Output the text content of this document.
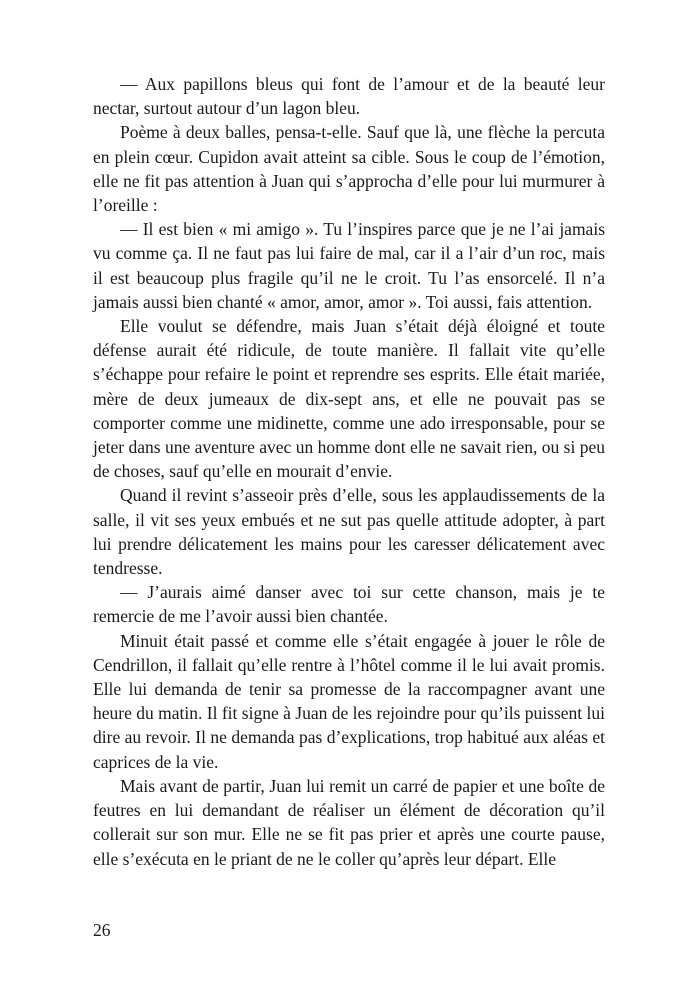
— Aux papillons bleus qui font de l’amour et de la beauté leur nectar, surtout autour d’un lagon bleu.

Poème à deux balles, pensa-t-elle. Sauf que là, une flèche la percuta en plein cœur. Cupidon avait atteint sa cible. Sous le coup de l’émotion, elle ne fit pas attention à Juan qui s’approcha d’elle pour lui murmurer à l’oreille :

— Il est bien « mi amigo ». Tu l’inspires parce que je ne l’ai jamais vu comme ça. Il ne faut pas lui faire de mal, car il a l’air d’un roc, mais il est beaucoup plus fragile qu’il ne le croit. Tu l’as ensorcelé. Il n’a jamais aussi bien chanté « amor, amor, amor ». Toi aussi, fais attention.

Elle voulut se défendre, mais Juan s’était déjà éloigné et toute défense aurait été ridicule, de toute manière. Il fallait vite qu’elle s’échappe pour refaire le point et reprendre ses esprits. Elle était mariée, mère de deux jumeaux de dix-sept ans, et elle ne pouvait pas se comporter comme une midinette, comme une ado irresponsable, pour se jeter dans une aventure avec un homme dont elle ne savait rien, ou si peu de choses, sauf qu’elle en mourait d’envie.

Quand il revint s’asseoir près d’elle, sous les applaudissements de la salle, il vit ses yeux embués et ne sut pas quelle attitude adopter, à part lui prendre délicatement les mains pour les caresser délicatement avec tendresse.

— J’aurais aimé danser avec toi sur cette chanson, mais je te remercie de me l’avoir aussi bien chantée.

Minuit était passé et comme elle s’était engagée à jouer le rôle de Cendrillon, il fallait qu’elle rentre à l’hôtel comme il le lui avait promis. Elle lui demanda de tenir sa promesse de la raccompagner avant une heure du matin. Il fit signe à Juan de les rejoindre pour qu’ils puissent lui dire au revoir. Il ne demanda pas d’explications, trop habitué aux aléas et caprices de la vie.

Mais avant de partir, Juan lui remit un carré de papier et une boîte de feutres en lui demandant de réaliser un élément de décoration qu’il collerait sur son mur. Elle ne se fit pas prier et après une courte pause, elle s’exécuta en le priant de ne le coller qu’après leur départ. Elle

26
